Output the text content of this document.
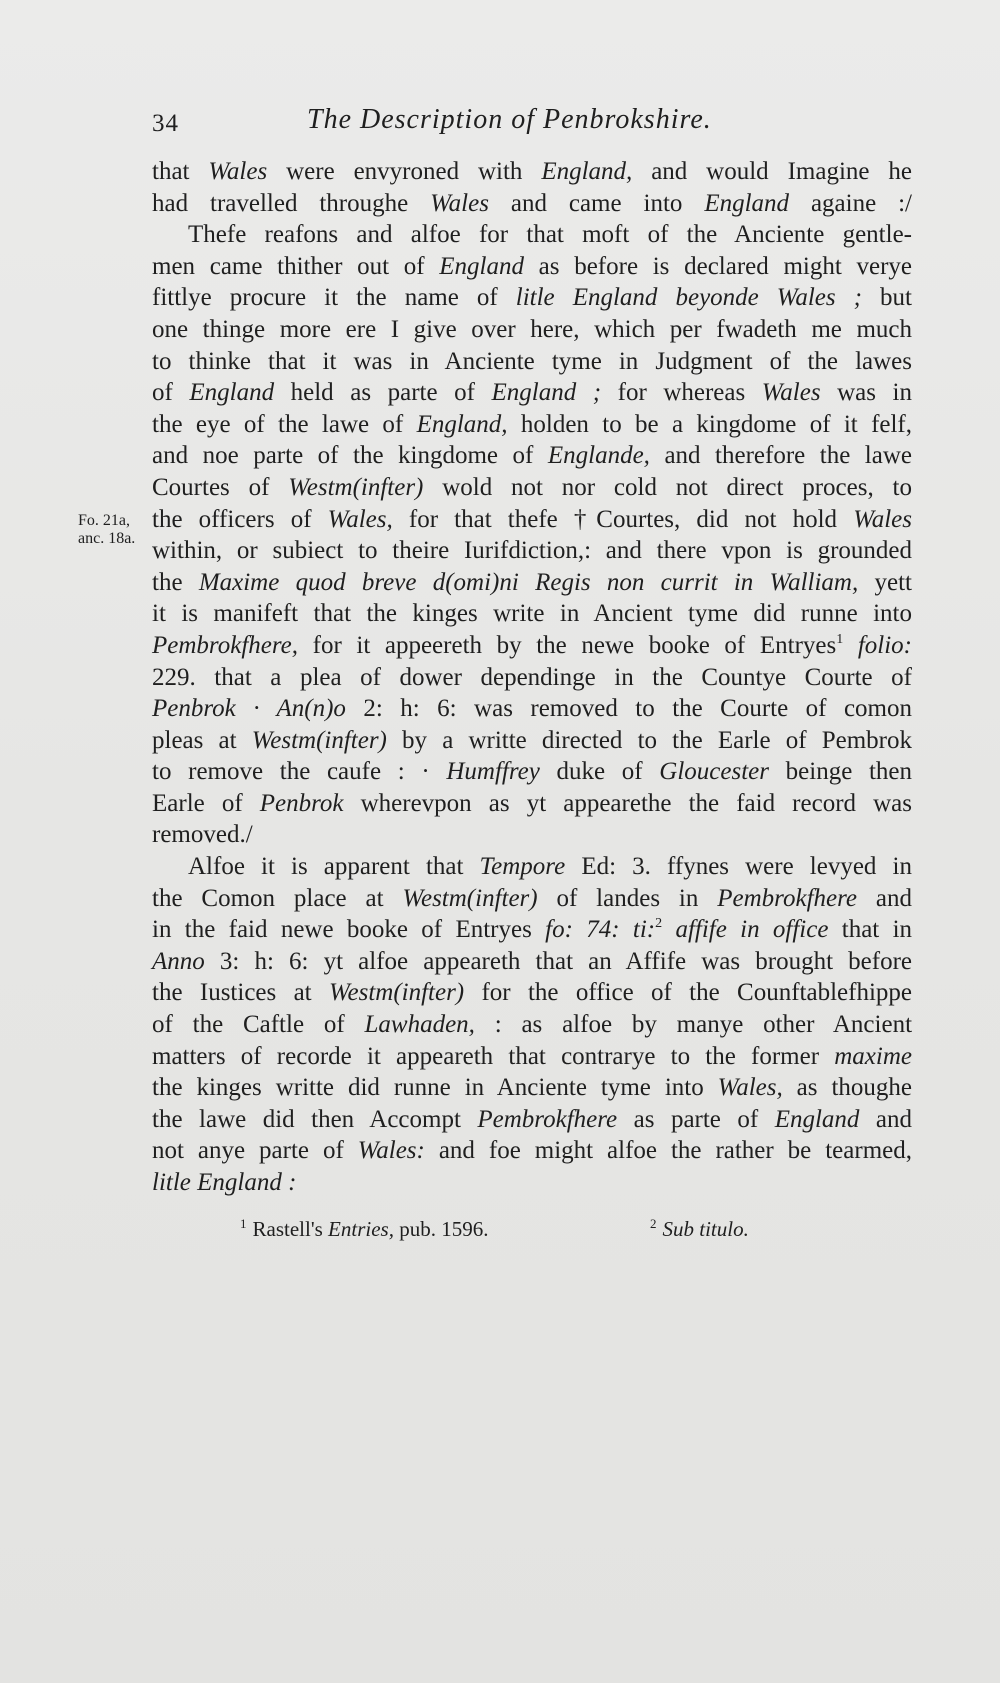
34	The Description of Penbrokshire.
Fo. 21a,
anc. 18a.
that Wales were envyroned with England, and would Imagine he
had travelled throughe Wales and came into England againe :/
Thefe reafons and alfoe for that moft of the Anciente gentle-
men came thither out of England as before is declared might verye
fittlye procure it the name of litle England beyonde Wales ; but
one thinge more ere I give over here, which per fwadeth me much
to thinke that it was in Anciente tyme in Judgment of the lawes
of England held as parte of England ; for whereas Wales was in
the eye of the lawe of England, holden to be a kingdome of it felf,
and noe parte of the kingdome of Englande, and therefore the lawe
Courtes of Westm(infter) wold not nor cold not direct proces, to
the officers of Wales, for that thefe †Courtes, did not hold Wales
within, or subiect to theire Iurifdiction,: and there vpon is grounded
the Maxime quod breve d(omi)ni Regis non currit in Walliam, yett
it is manifeft that the kinges write in Ancient tyme did runne into
Pembrokfhere, for it appeereth by the newe booke of Entryes$^1$ folio:
229. that a plea of dower dependinge in the Countye Courte of
Penbrok · An(n)o 2: h: 6: was removed to the Courte of comon
pleas at Westm(infter) by a writte directed to the Earle of Pembrok
to remove the caufe : · Humffrey duke of Gloucester beinge then
Earle of Penbrok wherevpon as yt appearethe the faid record was
removed./
Alfoe it is apparent that Tempore Ed: 3. ffynes were levyed in
the Comon place at Westm(infter) of landes in Pembrokfhere and
in the faid newe booke of Entryes fo: 74: ti:$^2$ affife in office that in
Anno 3: h: 6: yt alfoe appeareth that an Affife was brought before
the Iustices at Westm(infter) for the office of the Counftablefhippe
of the Caftle of Lawhaden, : as alfoe by manye other Ancient
matters of recorde it appeareth that contrarye to the former maxime
the kinges writte did runne in Anciente tyme into Wales, as thoughe
the lawe did then Accompt Pembrokfhere as parte of England and
not anye parte of Wales: and foe might alfoe the rather be tearmed,
litle England :
$^1$ Rastell's Entries, pub. 1596.	$^2$ Sub titulo.
